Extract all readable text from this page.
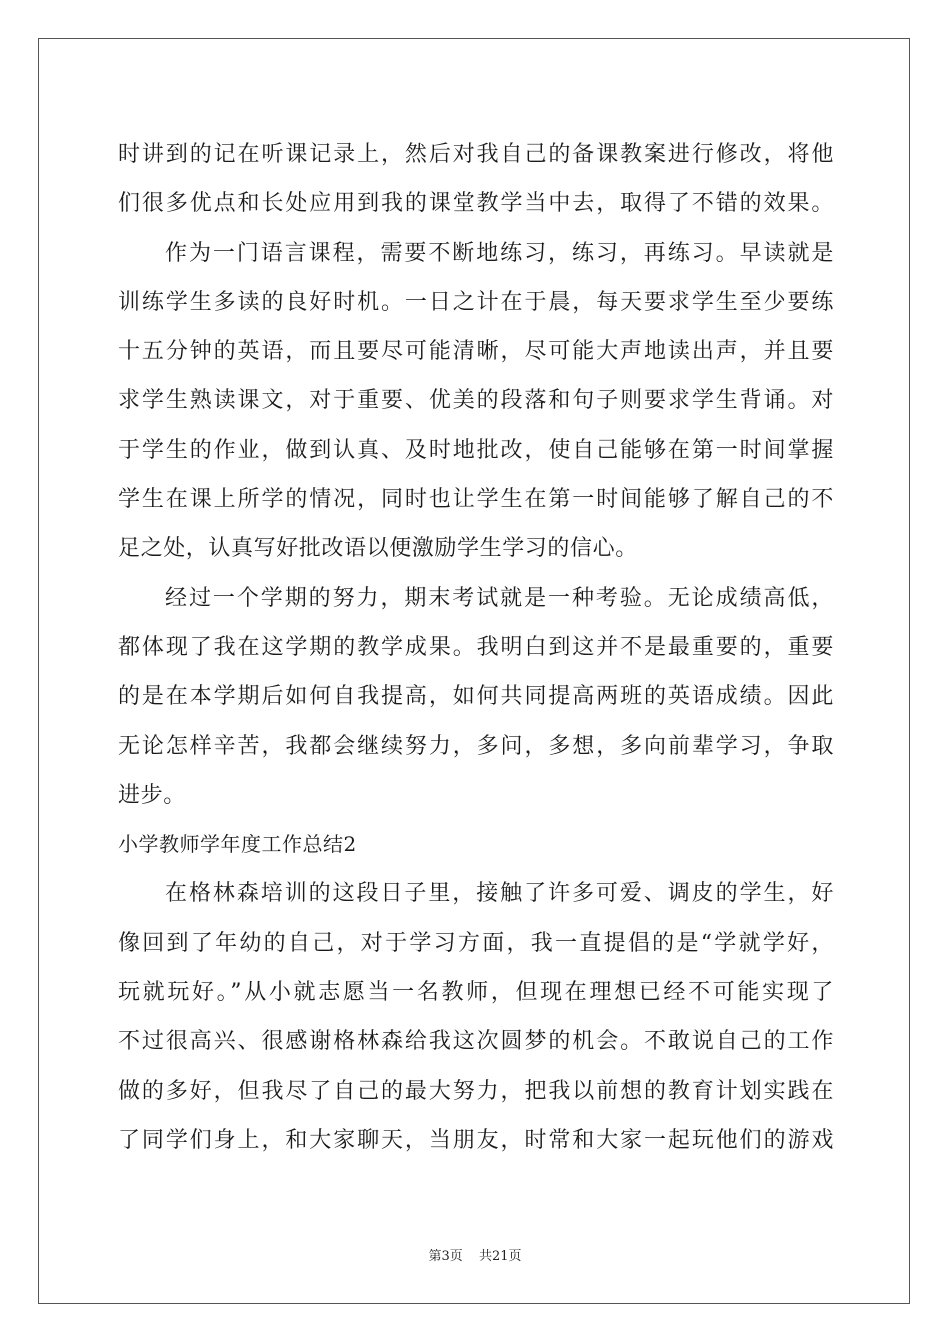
时讲到的记在听课记录上，然后对我自己的备课教案进行修改，将他
们很多优点和长处应用到我的课堂教学当中去，取得了不错的效果。
作为一门语言课程，需要不断地练习，练习，再练习。早读就是
训练学生多读的良好时机。一日之计在于晨，每天要求学生至少要练
十五分钟的英语，而且要尽可能清晰，尽可能大声地读出声，并且要
求学生熟读课文，对于重要、优美的段落和句子则要求学生背诵。对
于学生的作业，做到认真、及时地批改，使自己能够在第一时间掌握
学生在课上所学的情况，同时也让学生在第一时间能够了解自己的不
足之处，认真写好批改语以便激励学生学习的信心。
经过一个学期的努力，期末考试就是一种考验。无论成绩高低，
都体现了我在这学期的教学成果。我明白到这并不是最重要的，重要
的是在本学期后如何自我提高，如何共同提高两班的英语成绩。因此
无论怎样辛苦，我都会继续努力，多问，多想，多向前辈学习，争取
进步。
小学教师学年度工作总结2
在格林森培训的这段日子里，接触了许多可爱、调皮的学生，好
像回到了年幼的自己，对于学习方面，我一直提倡的是“学就学好，
玩就玩好。”从小就志愿当一名教师，但现在理想已经不可能实现了
不过很高兴、很感谢格林森给我这次圆梦的机会。不敢说自己的工作
做的多好，但我尽了自己的最大努力，把我以前想的教育计划实践在
了同学们身上，和大家聊天，当朋友，时常和大家一起玩他们的游戏
第3页 共21页
